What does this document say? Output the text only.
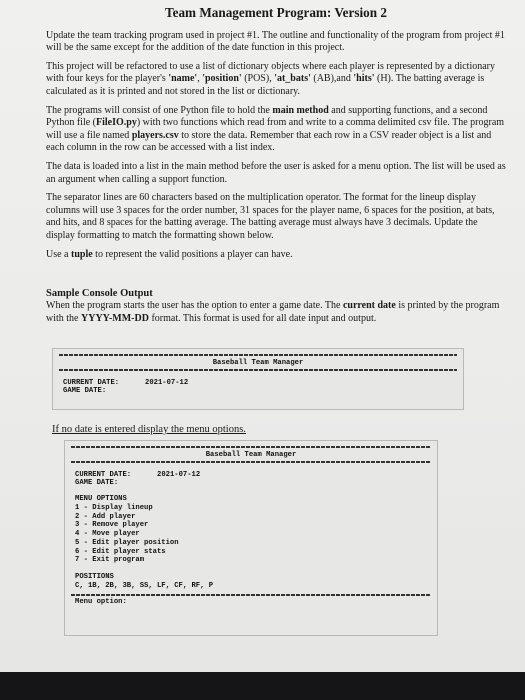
Team Management Program: Version 2

Update the team tracking program used in project #1. The outline and functionality of the program from project #1 will be the same except for the addition of the date function in this project.

This project will be refactored to use a list of dictionary objects where each player is represented by a dictionary with four keys for the player's 'name', 'position' (POS), 'at_bats' (AB),and 'hits' (H). The batting average is calculated as it is printed and not stored in the list or dictionary.

The programs will consist of one Python file to hold the main method and supporting functions, and a second Python file (FileIO.py) with two functions which read from and write to a comma delimited csv file. The program will use a file named players.csv to store the data. Remember that each row in a CSV reader object is a list and each column in the row can be accessed with a list index.

The data is loaded into a list in the main method before the user is asked for a menu option. The list will be used as an argument when calling a support function.

The separator lines are 60 characters based on the multiplication operator. The format for the lineup display columns will use 3 spaces for the order number, 31 spaces for the player name, 6 spaces for the position, at bats, and hits, and 8 spaces for the batting average. The batting average must always have 3 decimals. Update the display formatting to match the formatting shown below.

Use a tuple to represent the valid positions a player can have.

Sample Console Output

When the program starts the user has the option to enter a game date. The current date is printed by the program with the YYYY-MM-DD format. This format is used for all date input and output.

Baseball Team Manager
CURRENT DATE:	2021-07-12
GAME DATE:
If no date is entered display the menu options.
Baseball Team Manager
CURRENT DATE:	2021-07-12
GAME DATE:
MENU OPTIONS
1 - Display lineup
2 - Add player
3 - Remove player
4 - Move player
5 - Edit player position
6 - Edit player stats
7 - Exit program
POSITIONS
C, 1B, 2B, 3B, SS, LF, CF, RF, P
Menu option:
